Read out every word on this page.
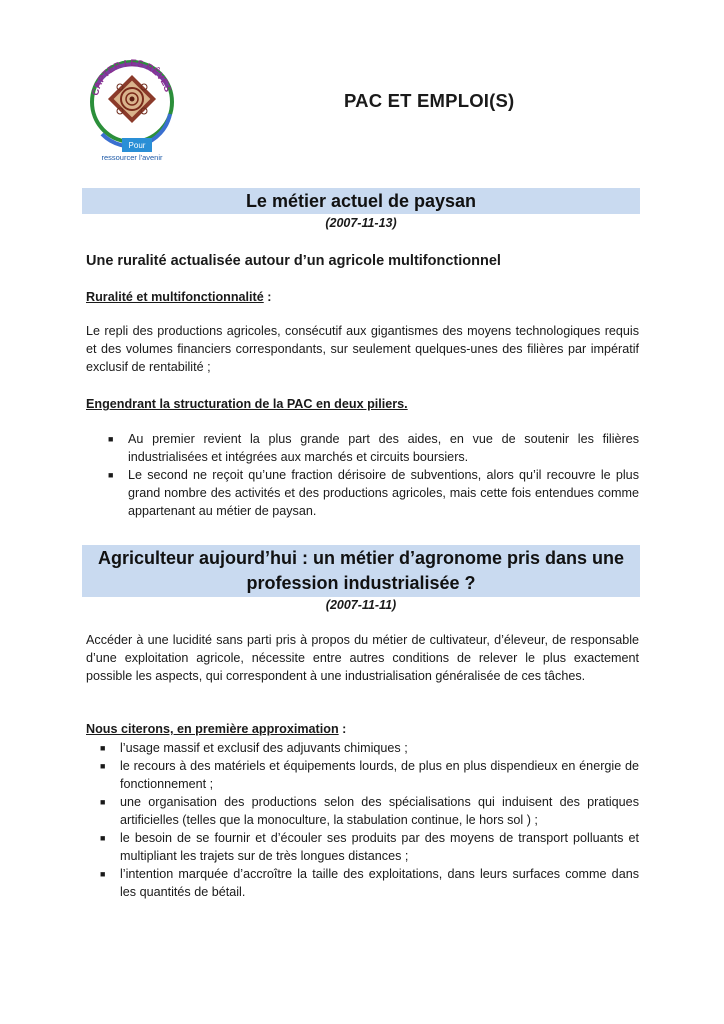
CAPTER LES RÊVES
Pour
ressourcer l'avenir
PAC ET EMPLOI(S)
Le métier actuel de paysan
(2007-11-13)
Une ruralité actualisée autour d’un agricole multifonctionnel
Ruralité et multifonctionnalité :
Le repli des productions agricoles, consécutif aux gigantismes des moyens technologiques requis et des volumes financiers correspondants, sur seulement quelques-unes des filières par impératif exclusif de rentabilité ;
Engendrant la structuration de la PAC en deux piliers.
■ Au premier revient la plus grande part des aides, en vue de soutenir les filières industrialisées et intégrées aux marchés et circuits boursiers.
■ Le second ne reçoit qu’une fraction dérisoire de subventions, alors qu’il recouvre le plus grand nombre des activités et des productions agricoles, mais cette fois entendues comme appartenant au métier de paysan.
Agriculteur aujourd’hui : un métier d’agronome pris dans une
profession industrialisée ?
(2007-11-11)
Accéder à une lucidité sans parti pris à propos du métier de cultivateur, d’éleveur, de responsable d’une exploitation agricole, nécessite entre autres conditions de relever le plus exactement possible les aspects, qui correspondent à une industrialisation généralisée de ces tâches.
Nous citerons, en première approximation :
■ l’usage massif et exclusif des adjuvants chimiques ;
■ le recours à des matériels et équipements lourds, de plus en plus dispendieux en énergie de fonctionnement ;
■ une organisation des productions selon des spécialisations qui induisent des pratiques artificielles (telles que la monoculture, la stabulation continue, le hors sol ) ;
■ le besoin de se fournir et d’écouler ses produits par des moyens de transport polluants et multipliant les trajets sur de très longues distances ;
■ l’intention marquée d’accroître la taille des exploitations, dans leurs surfaces comme dans les quantités de bétail.
